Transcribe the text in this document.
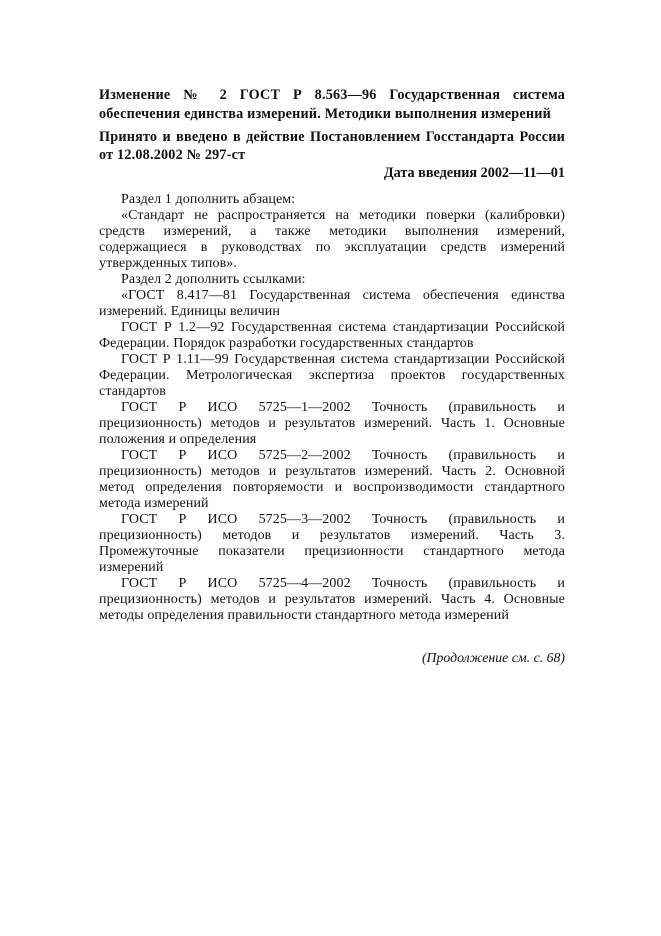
Изменение № 2 ГОСТ Р 8.563—96 Государственная система обеспечения единства измерений. Методики выполнения измерений

Принято и введено в действие Постановлением Госстандарта России от 12.08.2002 № 297-ст

Дата введения 2002—11—01

Раздел 1 дополнить абзацем:

«Стандарт не распространяется на методики поверки (калибровки) средств измерений, а также методики выполнения измерений, содержащиеся в руководствах по эксплуатации средств измерений утвержденных типов».

Раздел 2 дополнить ссылками:

«ГОСТ 8.417—81 Государственная система обеспечения единства измерений. Единицы величин

ГОСТ Р 1.2—92 Государственная система стандартизации Российской Федерации. Порядок разработки государственных стандартов

ГОСТ Р 1.11—99 Государственная система стандартизации Российской Федерации. Метрологическая экспертиза проектов государственных стандартов

ГОСТ Р ИСО 5725—1—2002 Точность (правильность и прецизионность) методов и результатов измерений. Часть 1. Основные положения и определения

ГОСТ Р ИСО 5725—2—2002 Точность (правильность и прецизионность) методов и результатов измерений. Часть 2. Основной метод определения повторяемости и воспроизводимости стандартного метода измерений

ГОСТ Р ИСО 5725—3—2002 Точность (правильность и прецизионность) методов и результатов измерений. Часть 3. Промежуточные показатели прецизионности стандартного метода измерений

ГОСТ Р ИСО 5725—4—2002 Точность (правильность и прецизионность) методов и результатов измерений. Часть 4. Основные методы определения правильности стандартного метода измерений

(Продолжение см. с. 68)
